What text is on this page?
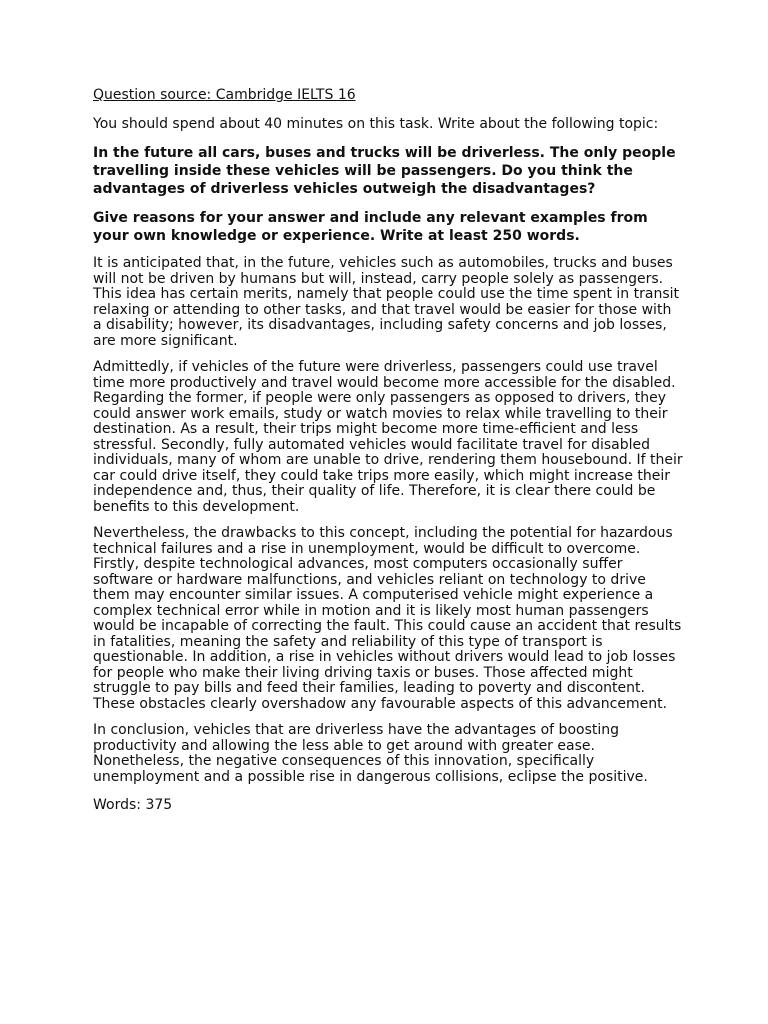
Question source: Cambridge IELTS 16

You should spend about 40 minutes on this task. Write about the following topic:

In the future all cars, buses and trucks will be driverless. The only people travelling inside these vehicles will be passengers. Do you think the advantages of driverless vehicles outweigh the disadvantages?

Give reasons for your answer and include any relevant examples from your own knowledge or experience. Write at least 250 words.

It is anticipated that, in the future, vehicles such as automobiles, trucks and buses will not be driven by humans but will, instead, carry people solely as passengers. This idea has certain merits, namely that people could use the time spent in transit relaxing or attending to other tasks, and that travel would be easier for those with a disability; however, its disadvantages, including safety concerns and job losses, are more significant.

Admittedly, if vehicles of the future were driverless, passengers could use travel time more productively and travel would become more accessible for the disabled. Regarding the former, if people were only passengers as opposed to drivers, they could answer work emails, study or watch movies to relax while travelling to their destination. As a result, their trips might become more time-efficient and less stressful. Secondly, fully automated vehicles would facilitate travel for disabled individuals, many of whom are unable to drive, rendering them housebound. If their car could drive itself, they could take trips more easily, which might increase their independence and, thus, their quality of life. Therefore, it is clear there could be benefits to this development.

Nevertheless, the drawbacks to this concept, including the potential for hazardous technical failures and a rise in unemployment, would be difficult to overcome. Firstly, despite technological advances, most computers occasionally suffer software or hardware malfunctions, and vehicles reliant on technology to drive them may encounter similar issues. A computerised vehicle might experience a complex technical error while in motion and it is likely most human passengers would be incapable of correcting the fault. This could cause an accident that results in fatalities, meaning the safety and reliability of this type of transport is questionable. In addition, a rise in vehicles without drivers would lead to job losses for people who make their living driving taxis or buses. Those affected might struggle to pay bills and feed their families, leading to poverty and discontent. These obstacles clearly overshadow any favourable aspects of this advancement.

In conclusion, vehicles that are driverless have the advantages of boosting productivity and allowing the less able to get around with greater ease. Nonetheless, the negative consequences of this innovation, specifically unemployment and a possible rise in dangerous collisions, eclipse the positive.

Words: 375
